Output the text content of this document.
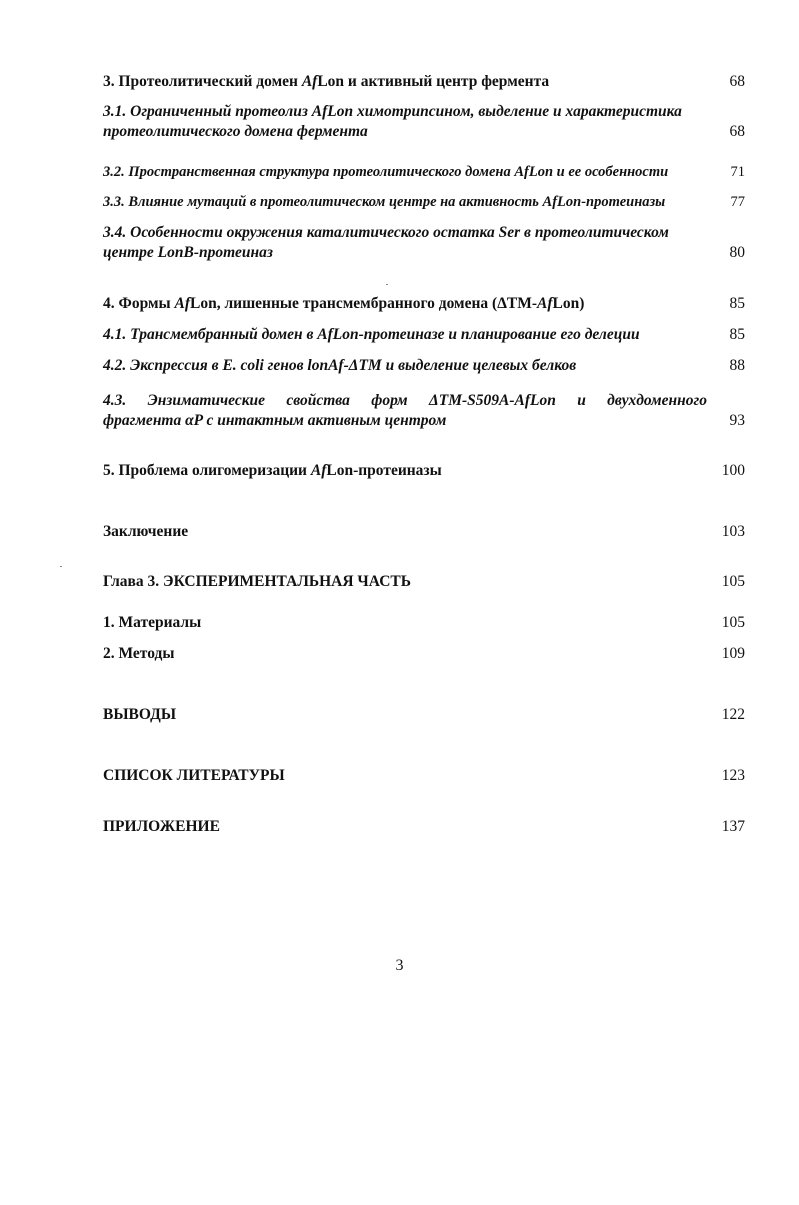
3. Протеолитический домен AfLon и активный центр фермента	68
3.1. Ограниченный протеолиз AfLon химотрипсином, выделение и характеристика
протеолитического домена фермента	68
3.2. Пространственная структура протеолитического домена AfLon и ее особенности	71
3.3. Влияние мутаций в протеолитическом центре на активность AfLon-протеиназы	77
3.4. Особенности окружения каталитического остатка Ser в протеолитическом
центре LonB-протеиназ	80
4. Формы AfLon, лишенные трансмембранного домена (ΔTM-AfLon)	85
4.1. Трансмембранный домен в AfLon-протеиназе и планирование его делеции	85
4.2. Экспрессия в E. coli генов lonAf-ΔTM и выделение целевых белков	88
4.3. Энзиматические свойства форм ΔTM-S509A-AfLon и двухдоменного
фрагмента αP с интактным активным центром	93
5. Проблема олигомеризации AfLon-протеиназы	100
Заключение	103
Глава 3. ЭКСПЕРИМЕНТАЛЬНАЯ ЧАСТЬ	105
1. Материалы	105
2. Методы	109
ВЫВОДЫ	122
СПИСОК ЛИТЕРАТУРЫ	123
ПРИЛОЖЕНИЕ	137
3
